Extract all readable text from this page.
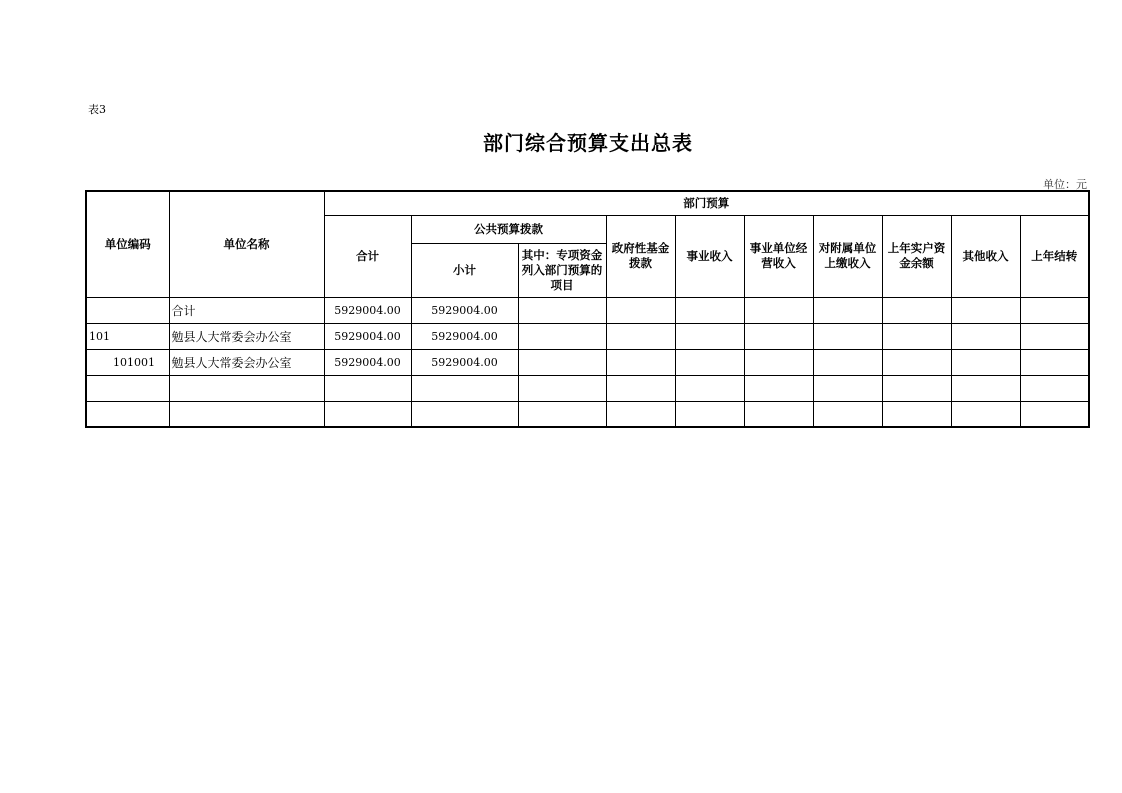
表3
部门综合预算支出总表
单位：元
单位编码	单位名称	部门预算									
		合计	公共预算拨款		政府性基金拨款	事业收入	事业单位经营收入	对附属单位上缴收入	上年实户资金余额	其他收入	上年结转
			小计	其中：专项资金列入部门预算的项目							
	合计	5929004.00	5929004.00								
101	勉县人大常委会办公室	5929004.00	5929004.00								
101001	勉县人大常委会办公室	5929004.00	5929004.00								
